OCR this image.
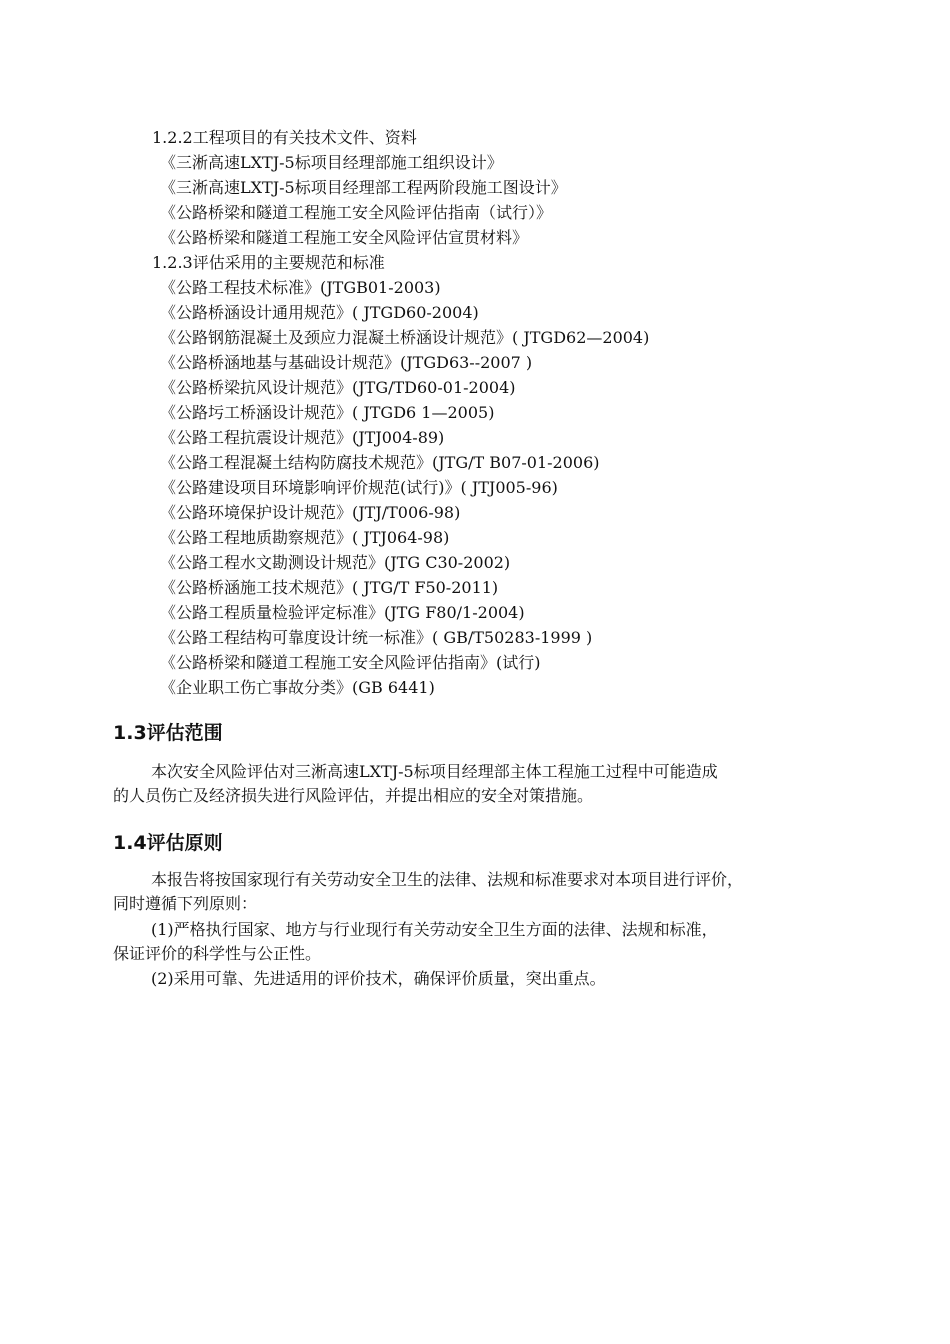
1.2.2工程项目的有关技术文件、资料
《三淅高速LXTJ-5标项目经理部施工组织设计》
《三淅高速LXTJ-5标项目经理部工程两阶段施工图设计》
《公路桥梁和隧道工程施工安全风险评估指南（试行）》
《公路桥梁和隧道工程施工安全风险评估宣贯材料》
1.2.3评估采用的主要规范和标准
《公路工程技术标准》(JTGB01-2003)
《公路桥涵设计通用规范》( JTGD60-2004)
《公路钢筋混凝土及颈应力混凝土桥涵设计规范》( JTGD62—2004)
《公路桥涵地基与基础设计规范》(JTGD63--2007 )
《公路桥梁抗风设计规范》(JTG/TD60-01-2004)
《公路圬工桥涵设计规范》( JTGD6 1—2005)
《公路工程抗震设计规范》(JTJ004-89)
《公路工程混凝土结构防腐技术规范》(JTG/T B07-01-2006)
《公路建设项目环境影响评价规范(试行)》( JTJ005-96)
《公路环境保护设计规范》(JTJ/T006-98)
《公路工程地质勘察规范》( JTJ064-98)
《公路工程水文勘测设计规范》(JTG C30-2002)
《公路桥涵施工技术规范》( JTG/T F50-2011)
《公路工程质量检验评定标准》(JTG F80/1-2004)
《公路工程结构可靠度设计统一标准》( GB/T50283-1999 )
《公路桥梁和隧道工程施工安全风险评估指南》(试行)
《企业职工伤亡事故分类》(GB 6441)
1.3评估范围
本次安全风险评估对三淅高速LXTJ-5标项目经理部主体工程施工过程中可能造成
的人员伤亡及经济损失进行风险评估，并提出相应的安全对策措施。
1.4评估原则
本报告将按国家现行有关劳动安全卫生的法律、法规和标准要求对本项目进行评价，
同时遵循下列原则：
(1)严格执行国家、地方与行业现行有关劳动安全卫生方面的法律、法规和标准，
保证评价的科学性与公正性。
(2)采用可靠、先进适用的评价技术，确保评价质量，突出重点。
